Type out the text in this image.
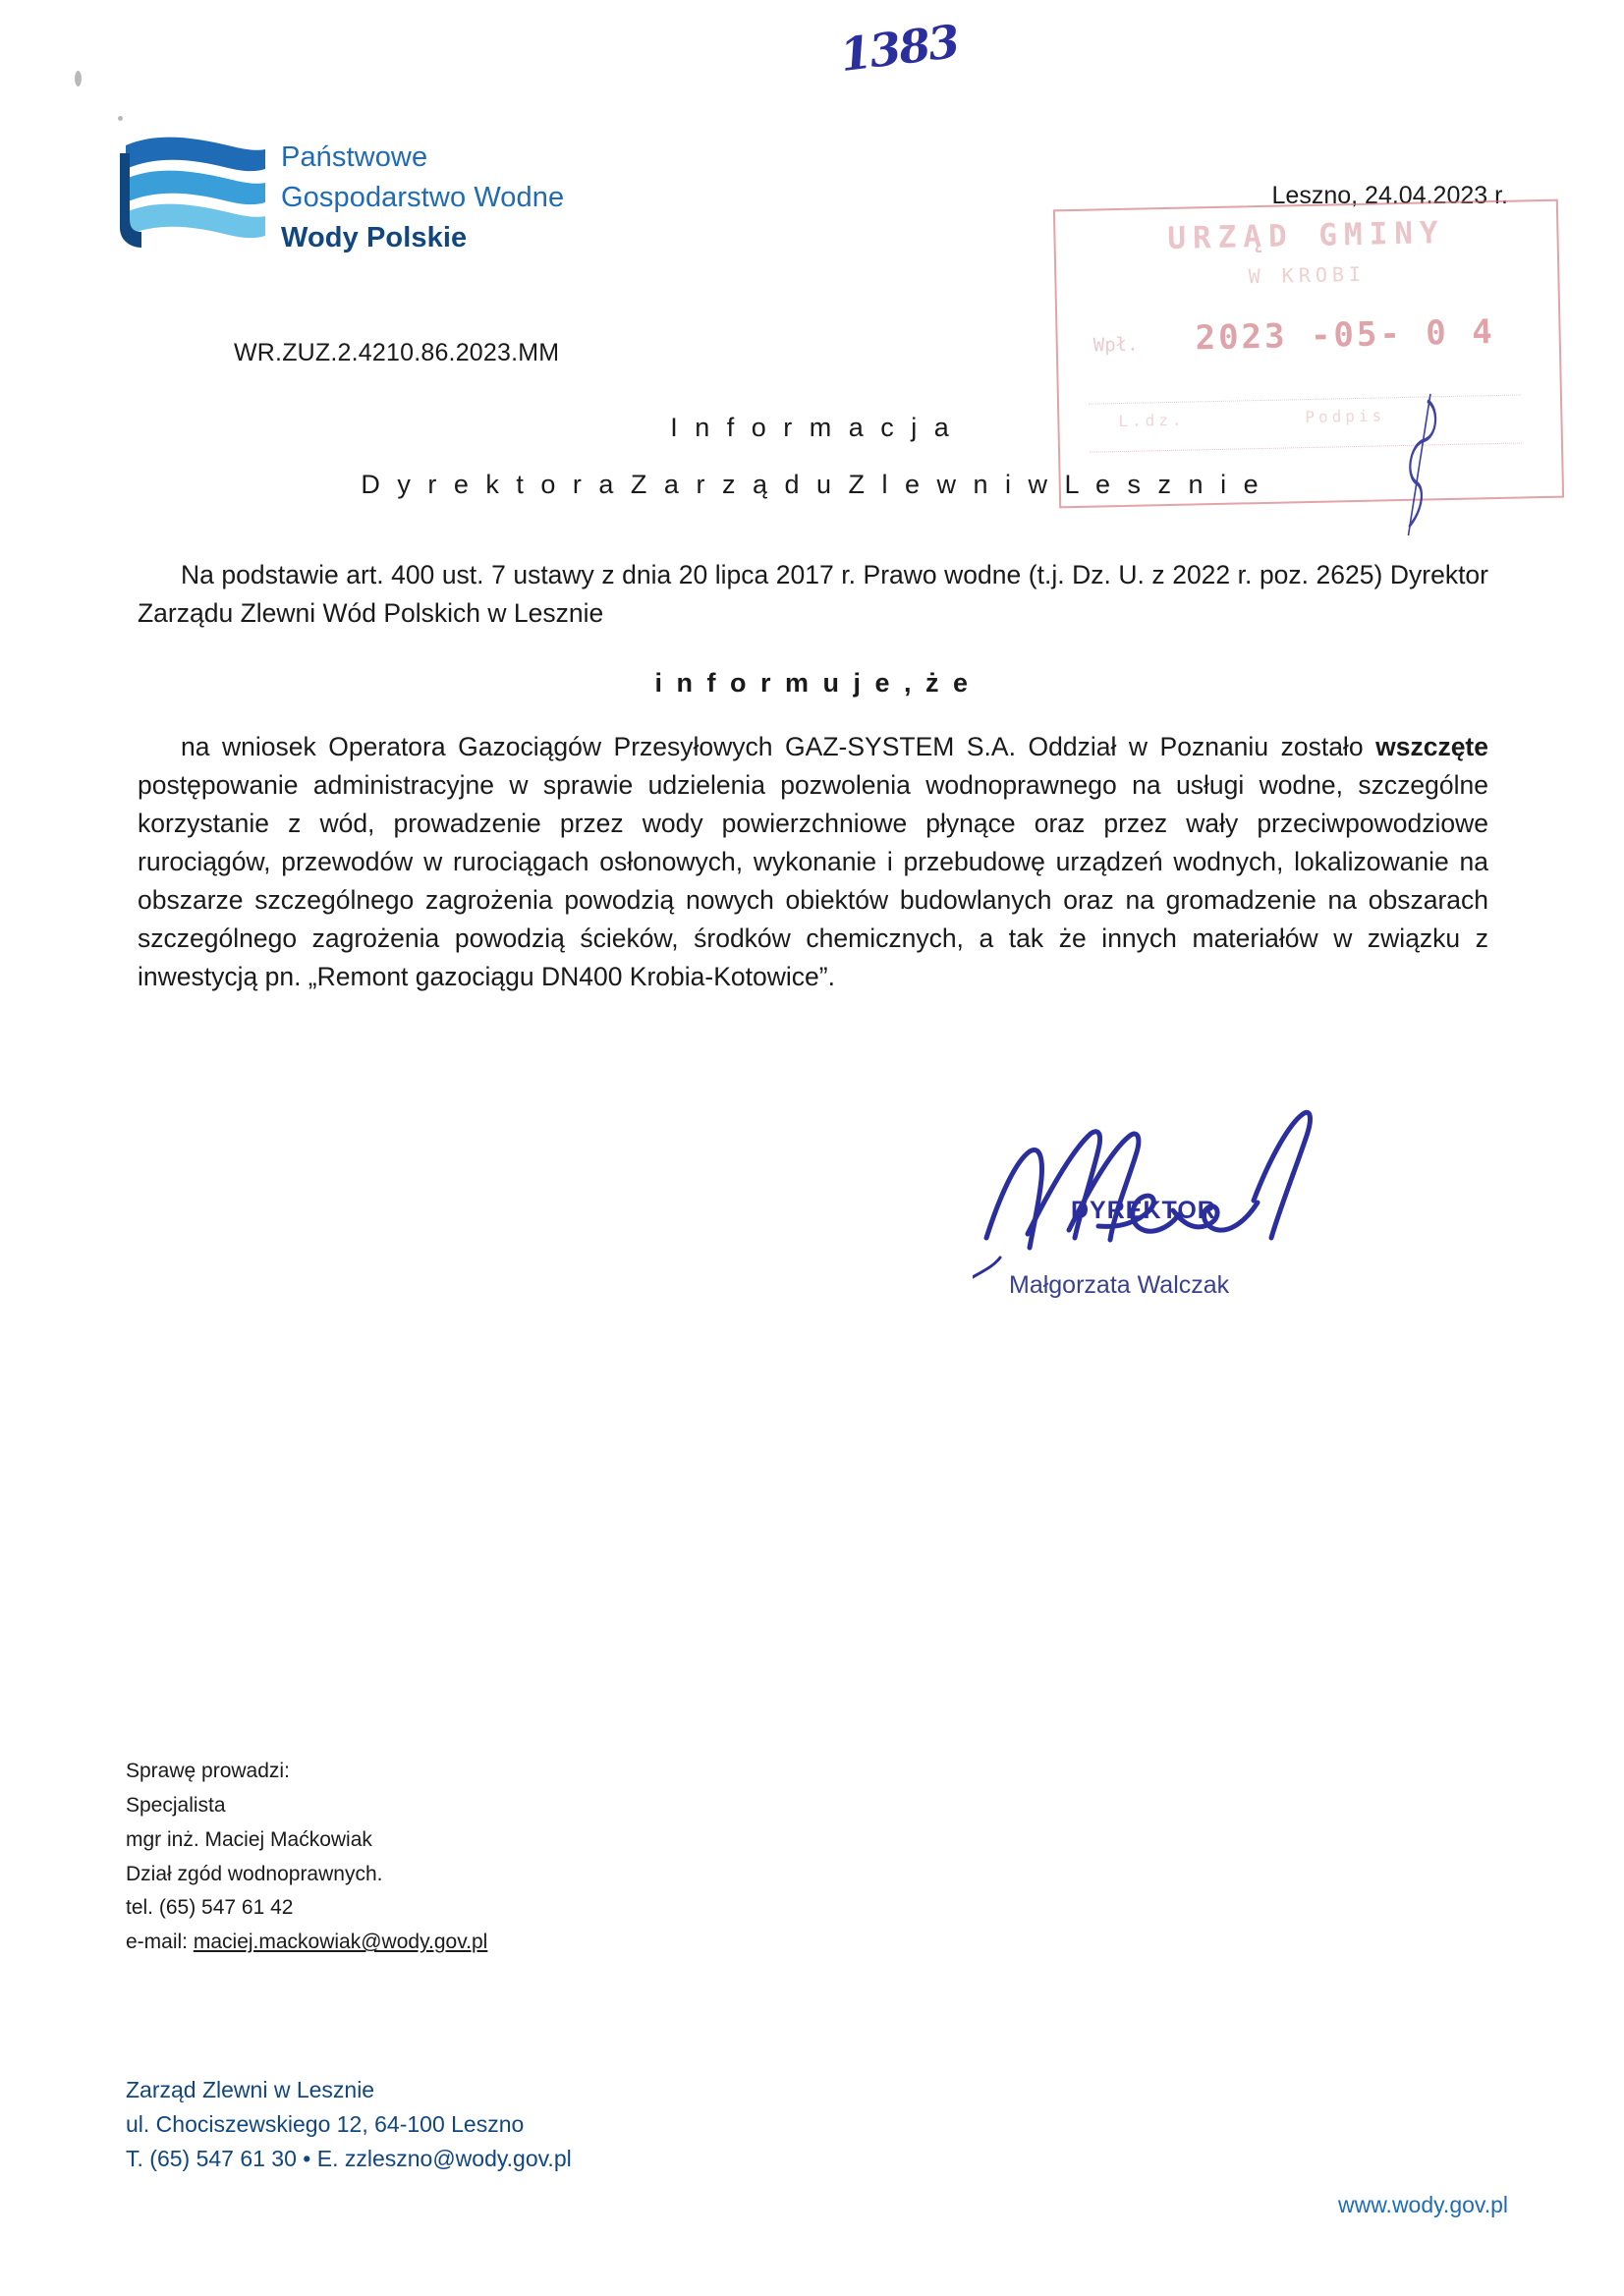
1383
Państwowe
Gospodarstwo Wodne
Wody Polskie
Leszno, 24.04.2023 r.
URZĄD GMINY
W KROBI
Wpł. 2023 -05- 0 4
L.dz.	Podpis
WR.ZUZ.2.4210.86.2023.MM
I n f o r m a c j a
D y r e k t o r a Z a r z ą d u Z l e w n i w L e s z n i e

Na podstawie art. 400 ust. 7 ustawy z dnia 20 lipca 2017 r. Prawo wodne (t.j. Dz. U. z 2022 r. poz. 2625) Dyrektor Zarządu Zlewni Wód Polskich w Lesznie

i n f o r m u j e , ż e

na wniosek Operatora Gazociągów Przesyłowych GAZ-SYSTEM S.A. Oddział w Poznaniu zostało wszczęte postępowanie administracyjne w sprawie udzielenia pozwolenia wodnoprawnego na usługi wodne, szczególne korzystanie z wód, prowadzenie przez wody powierzchniowe płynące oraz przez wały przeciwpowodziowe rurociągów, przewodów w rurociągach osłonowych, wykonanie i przebudowę urządzeń wodnych, lokalizowanie na obszarze szczególnego zagrożenia powodzią nowych obiektów budowlanych oraz na gromadzenie na obszarach szczególnego zagrożenia powodzią ścieków, środków chemicznych, a tak że innych materiałów w związku z inwestycją pn. „Remont gazociągu DN400 Krobia-Kotowice”.

DYREKTOR
Małgorzata Walczak
Sprawę prowadzi:
Specjalista
mgr inż. Maciej Maćkowiak
Dział zgód wodnoprawnych.
tel. (65) 547 61 42
e-mail: maciej.mackowiak@wody.gov.pl
Zarząd Zlewni w Lesznie
ul. Chociszewskiego 12, 64-100 Leszno
T. (65) 547 61 30 • E. zzleszno@wody.gov.pl
www.wody.gov.pl
